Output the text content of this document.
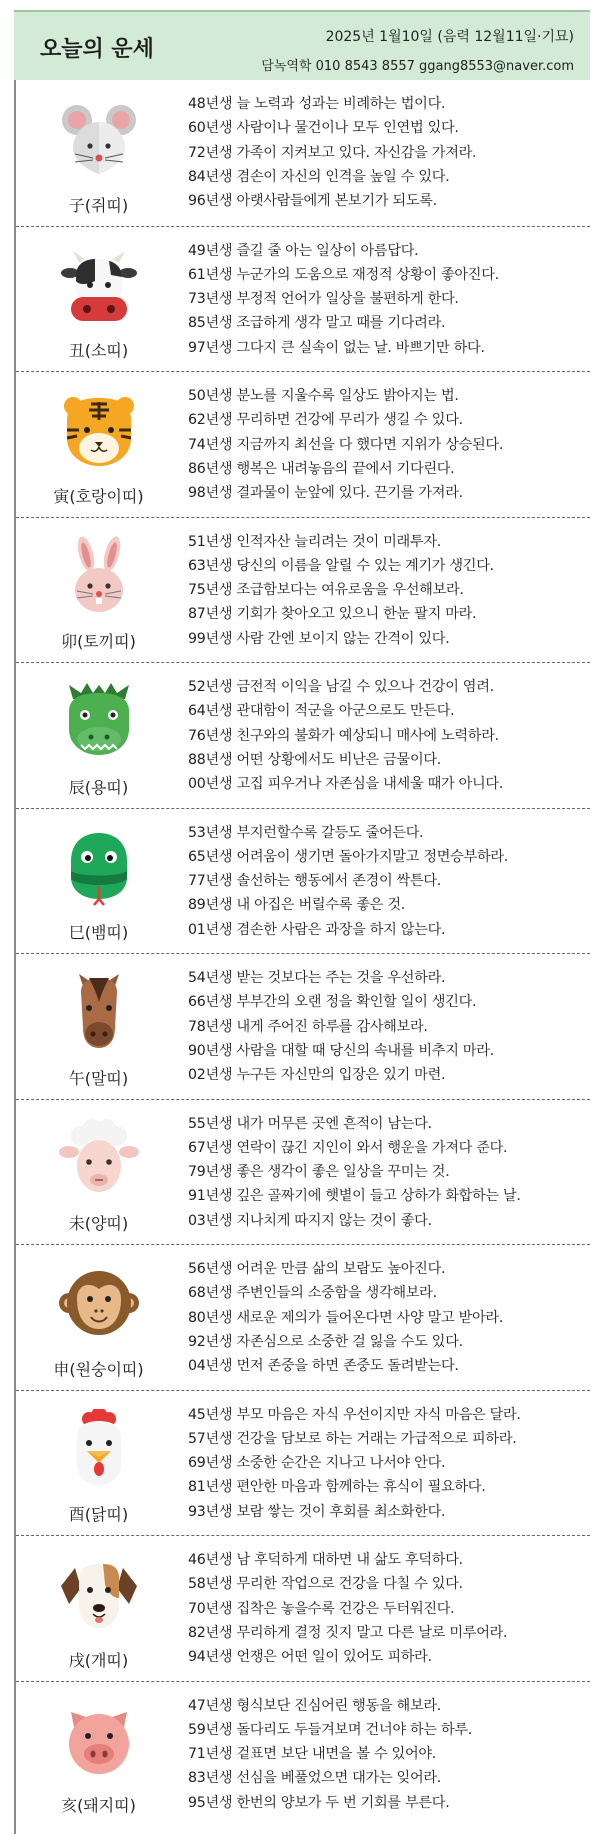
오늘의 운세	2025년 1월10일 (음력 12월11일·기묘)
담녹역학 010 8543 8557 ggang8553@naver.com
子(쥐띠)
48년생 늘 노력과 성과는 비례하는 법이다.
60년생 사람이나 물건이나 모두 인연법 있다.
72년생 가족이 지켜보고 있다. 자신감을 가져라.
84년생 겸손이 자신의 인격을 높일 수 있다.
96년생 아랫사람들에게 본보기가 되도록.
丑(소띠)
49년생 즐길 줄 아는 일상이 아름답다.
61년생 누군가의 도움으로 재정적 상황이 좋아진다.
73년생 부정적 언어가 일상을 불편하게 한다.
85년생 조급하게 생각 말고 때를 기다려라.
97년생 그다지 큰 실속이 없는 날. 바쁘기만 하다.
寅(호랑이띠)
50년생 분노를 지울수록 일상도 밝아지는 법.
62년생 무리하면 건강에 무리가 생길 수 있다.
74년생 지금까지 최선을 다 했다면 지위가 상승된다.
86년생 행복은 내려놓음의 끝에서 기다린다.
98년생 결과물이 눈앞에 있다. 끈기를 가져라.
卯(토끼띠)
51년생 인적자산 늘리려는 것이 미래투자.
63년생 당신의 이름을 알릴 수 있는 계기가 생긴다.
75년생 조급함보다는 여유로움을 우선해보라.
87년생 기회가 찾아오고 있으니 한눈 팔지 마라.
99년생 사람 간엔 보이지 않는 간격이 있다.
辰(용띠)
52년생 금전적 이익을 남길 수 있으나 건강이 염려.
64년생 관대함이 적군을 아군으로도 만든다.
76년생 친구와의 불화가 예상되니 매사에 노력하라.
88년생 어떤 상황에서도 비난은 금물이다.
00년생 고집 피우거나 자존심을 내세울 때가 아니다.
巳(뱀띠)
53년생 부지런할수록 갈등도 줄어든다.
65년생 어려움이 생기면 돌아가지말고 정면승부하라.
77년생 솔선하는 행동에서 존경이 싹튼다.
89년생 내 아집은 버릴수록 좋은 것.
01년생 겸손한 사람은 과장을 하지 않는다.
午(말띠)
54년생 받는 것보다는 주는 것을 우선하라.
66년생 부부간의 오랜 정을 확인할 일이 생긴다.
78년생 내게 주어진 하루를 감사해보라.
90년생 사람을 대할 때 당신의 속내를 비추지 마라.
02년생 누구든 자신만의 입장은 있기 마련.
未(양띠)
55년생 내가 머무른 곳엔 흔적이 남는다.
67년생 연락이 끊긴 지인이 와서 행운을 가져다 준다.
79년생 좋은 생각이 좋은 일상을 꾸미는 것.
91년생 깊은 골짜기에 햇볕이 들고 상하가 화합하는 날.
03년생 지나치게 따지지 않는 것이 좋다.
申(원숭이띠)
56년생 어려운 만큼 삶의 보람도 높아진다.
68년생 주변인들의 소중함을 생각해보라.
80년생 새로운 제의가 들어온다면 사양 말고 받아라.
92년생 자존심으로 소중한 걸 잃을 수도 있다.
04년생 먼저 존중을 하면 존중도 돌려받는다.
酉(닭띠)
45년생 부모 마음은 자식 우선이지만 자식 마음은 달라.
57년생 건강을 담보로 하는 거래는 가급적으로 피하라.
69년생 소중한 순간은 지나고 나서야 안다.
81년생 편안한 마음과 함께하는 휴식이 필요하다.
93년생 보람 쌓는 것이 후회를 최소화한다.
戌(개띠)
46년생 남 후덕하게 대하면 내 삶도 후덕하다.
58년생 무리한 작업으로 건강을 다칠 수 있다.
70년생 집착은 놓을수록 건강은 두터워진다.
82년생 무리하게 결정 짓지 말고 다른 날로 미루어라.
94년생 언쟁은 어떤 일이 있어도 피하라.
亥(돼지띠)
47년생 형식보단 진심어린 행동을 해보라.
59년생 돌다리도 두들겨보며 건너야 하는 하루.
71년생 겉표면 보단 내면을 볼 수 있어야.
83년생 선심을 베풀었으면 대가는 잊어라.
95년생 한번의 양보가 두 번 기회를 부른다.
